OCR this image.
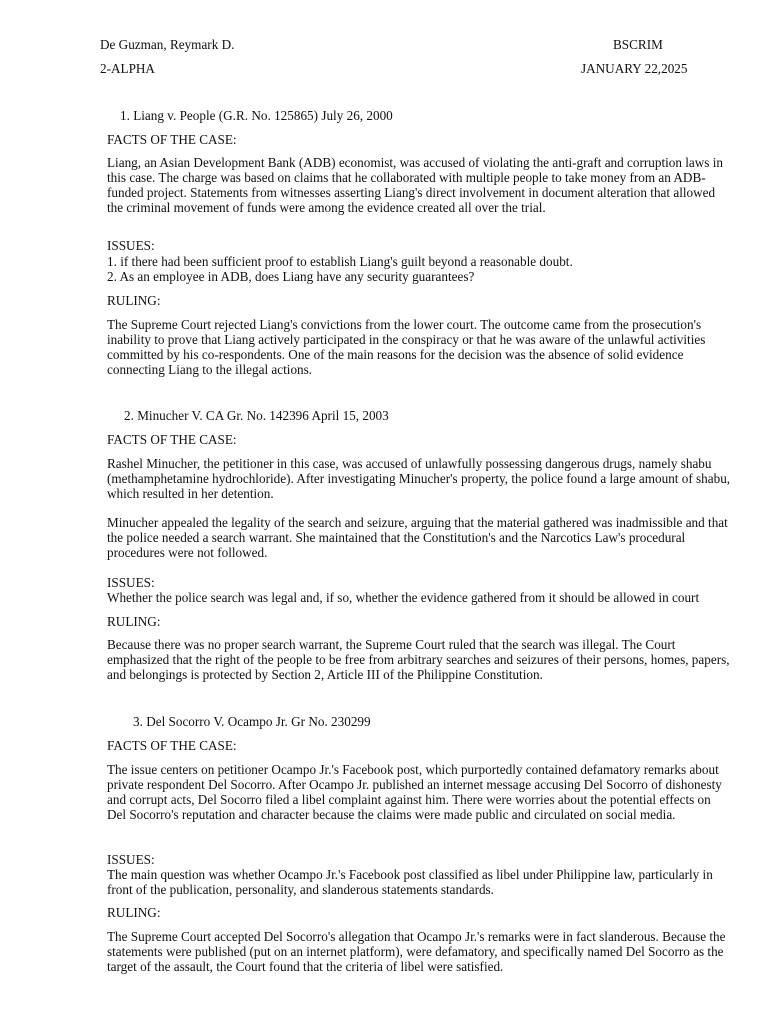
De Guzman, Reymark D.	BSCRIM
2-ALPHA	JANUARY 22,2025
1. Liang v. People (G.R. No. 125865) July 26, 2000
FACTS OF THE CASE:

Liang, an Asian Development Bank (ADB) economist, was accused of violating the anti-graft and corruption laws in this case. The charge was based on claims that he collaborated with multiple people to take money from an ADB-funded project. Statements from witnesses asserting Liang's direct involvement in document alteration that allowed the criminal movement of funds were among the evidence created all over the trial.

ISSUES:
1. if there had been sufficient proof to establish Liang's guilt beyond a reasonable doubt.
2. As an employee in ADB, does Liang have any security guarantees?
RULING:

The Supreme Court rejected Liang's convictions from the lower court. The outcome came from the prosecution's inability to prove that Liang actively participated in the conspiracy or that he was aware of the unlawful activities committed by his co-respondents. One of the main reasons for the decision was the absence of solid evidence connecting Liang to the illegal actions.

2. Minucher V. CA Gr. No. 142396 April 15, 2003
FACTS OF THE CASE:

Rashel Minucher, the petitioner in this case, was accused of unlawfully possessing dangerous drugs, namely shabu (methamphetamine hydrochloride). After investigating Minucher's property, the police found a large amount of shabu, which resulted in her detention.

Minucher appealed the legality of the search and seizure, arguing that the material gathered was inadmissible and that the police needed a search warrant. She maintained that the Constitution's and the Narcotics Law's procedural procedures were not followed.

ISSUES:
Whether the police search was legal and, if so, whether the evidence gathered from it should be allowed in court
RULING:

Because there was no proper search warrant, the Supreme Court ruled that the search was illegal. The Court emphasized that the right of the people to be free from arbitrary searches and seizures of their persons, homes, papers, and belongings is protected by Section 2, Article III of the Philippine Constitution.

3. Del Socorro V. Ocampo Jr. Gr No. 230299
FACTS OF THE CASE:

The issue centers on petitioner Ocampo Jr.'s Facebook post, which purportedly contained defamatory remarks about private respondent Del Socorro. After Ocampo Jr. published an internet message accusing Del Socorro of dishonesty and corrupt acts, Del Socorro filed a libel complaint against him. There were worries about the potential effects on Del Socorro's reputation and character because the claims were made public and circulated on social media.

ISSUES:

The main question was whether Ocampo Jr.'s Facebook post classified as libel under Philippine law, particularly in front of the publication, personality, and slanderous statements standards.

RULING:

The Supreme Court accepted Del Socorro's allegation that Ocampo Jr.'s remarks were in fact slanderous. Because the statements were published (put on an internet platform), were defamatory, and specifically named Del Socorro as the target of the assault, the Court found that the criteria of libel were satisfied.
